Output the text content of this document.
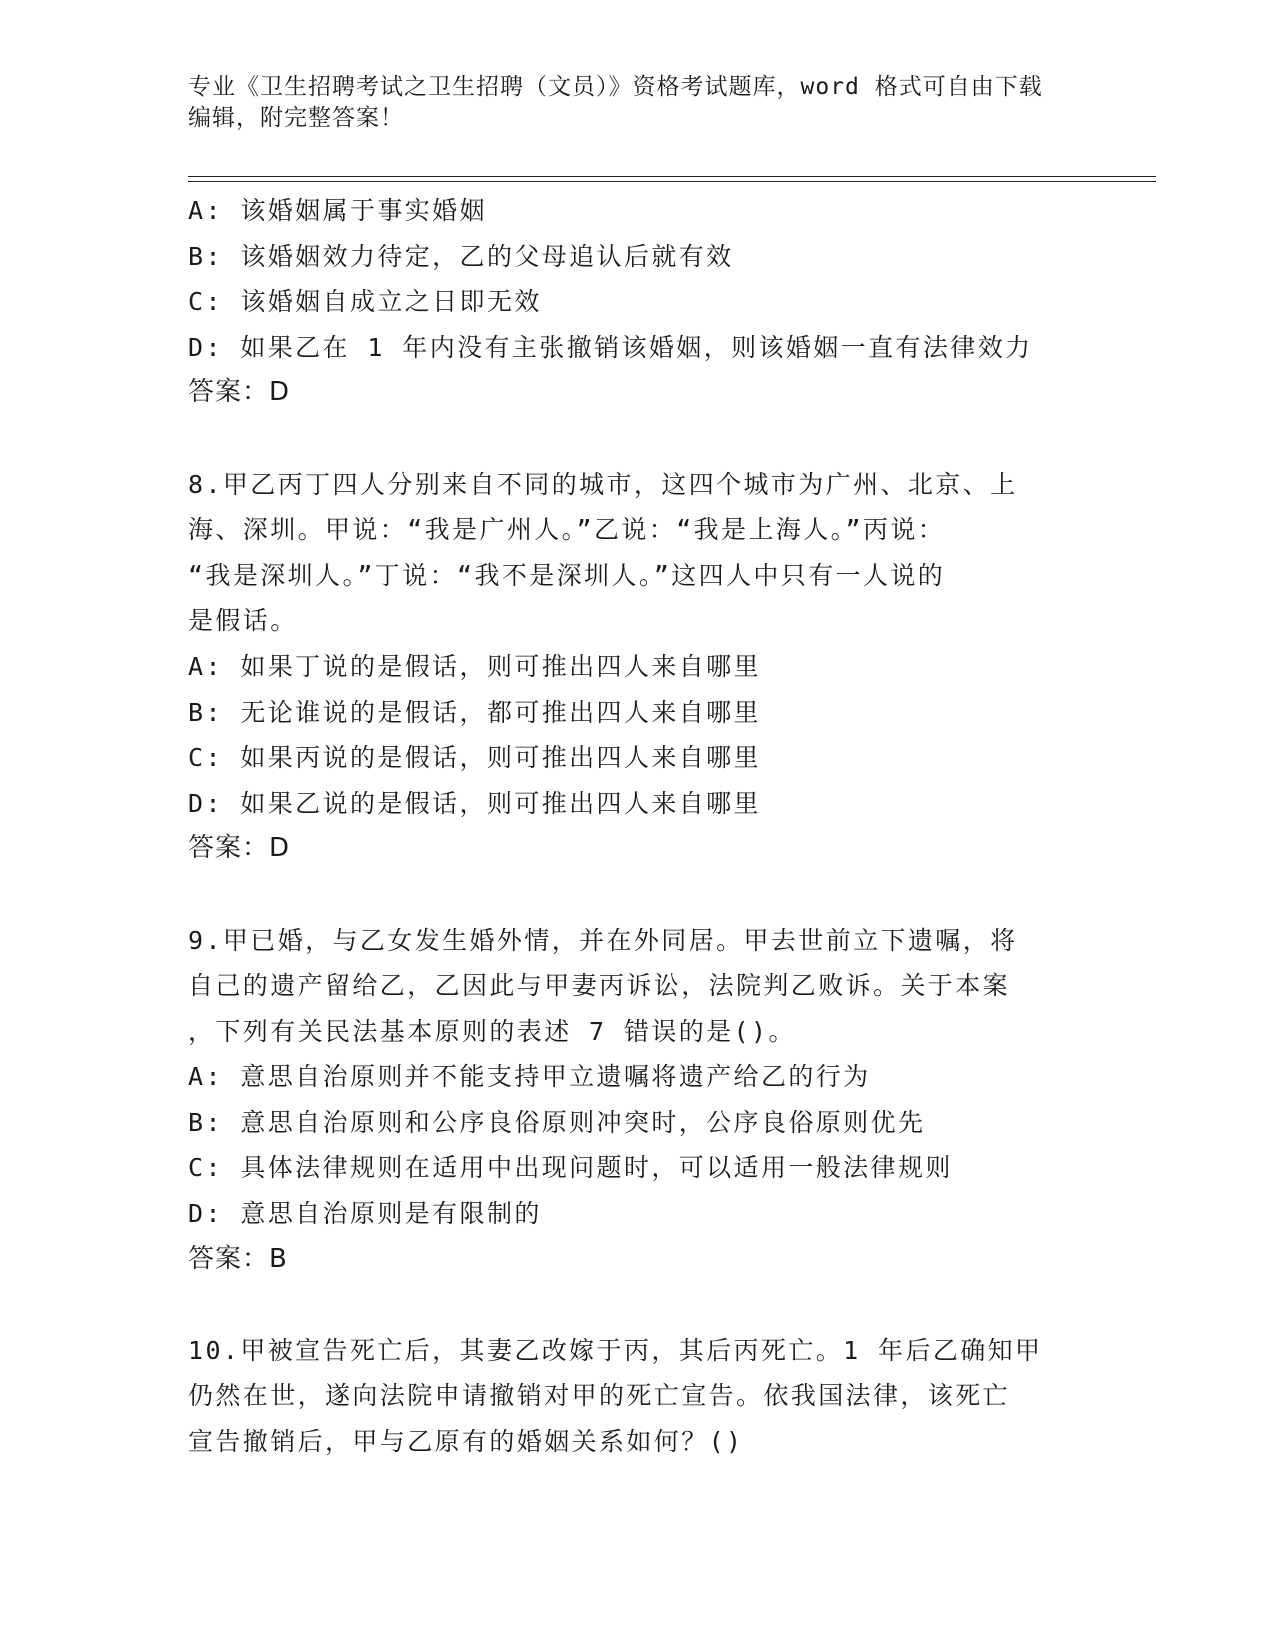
专业《卫生招聘考试之卫生招聘（文员）》资格考试题库，word 格式可自由下载
编辑，附完整答案！
A: 该婚姻属于事实婚姻
B: 该婚姻效力待定，乙的父母追认后就有效
C: 该婚姻自成立之日即无效
D: 如果乙在 1 年内没有主张撤销该婚姻，则该婚姻一直有法律效力
答案：D
8.甲乙丙丁四人分别来自不同的城市，这四个城市为广州、北京、上
海、深圳。甲说：“我是广州人。”乙说：“我是上海人。”丙说：
“我是深圳人。”丁说：“我不是深圳人。”这四人中只有一人说的
是假话。
A: 如果丁说的是假话，则可推出四人来自哪里
B: 无论谁说的是假话，都可推出四人来自哪里
C: 如果丙说的是假话，则可推出四人来自哪里
D: 如果乙说的是假话，则可推出四人来自哪里
答案：D
9.甲已婚，与乙女发生婚外情，并在外同居。甲去世前立下遗嘱，将
自己的遗产留给乙，乙因此与甲妻丙诉讼，法院判乙败诉。关于本案
，下列有关民法基本原则的表述 7 错误的是()。
A: 意思自治原则并不能支持甲立遗嘱将遗产给乙的行为
B: 意思自治原则和公序良俗原则冲突时，公序良俗原则优先
C: 具体法律规则在适用中出现问题时，可以适用一般法律规则
D: 意思自治原则是有限制的
答案：B
10.甲被宣告死亡后，其妻乙改嫁于丙，其后丙死亡。1 年后乙确知甲
仍然在世，遂向法院申请撤销对甲的死亡宣告。依我国法律，该死亡
宣告撤销后，甲与乙原有的婚姻关系如何？()
